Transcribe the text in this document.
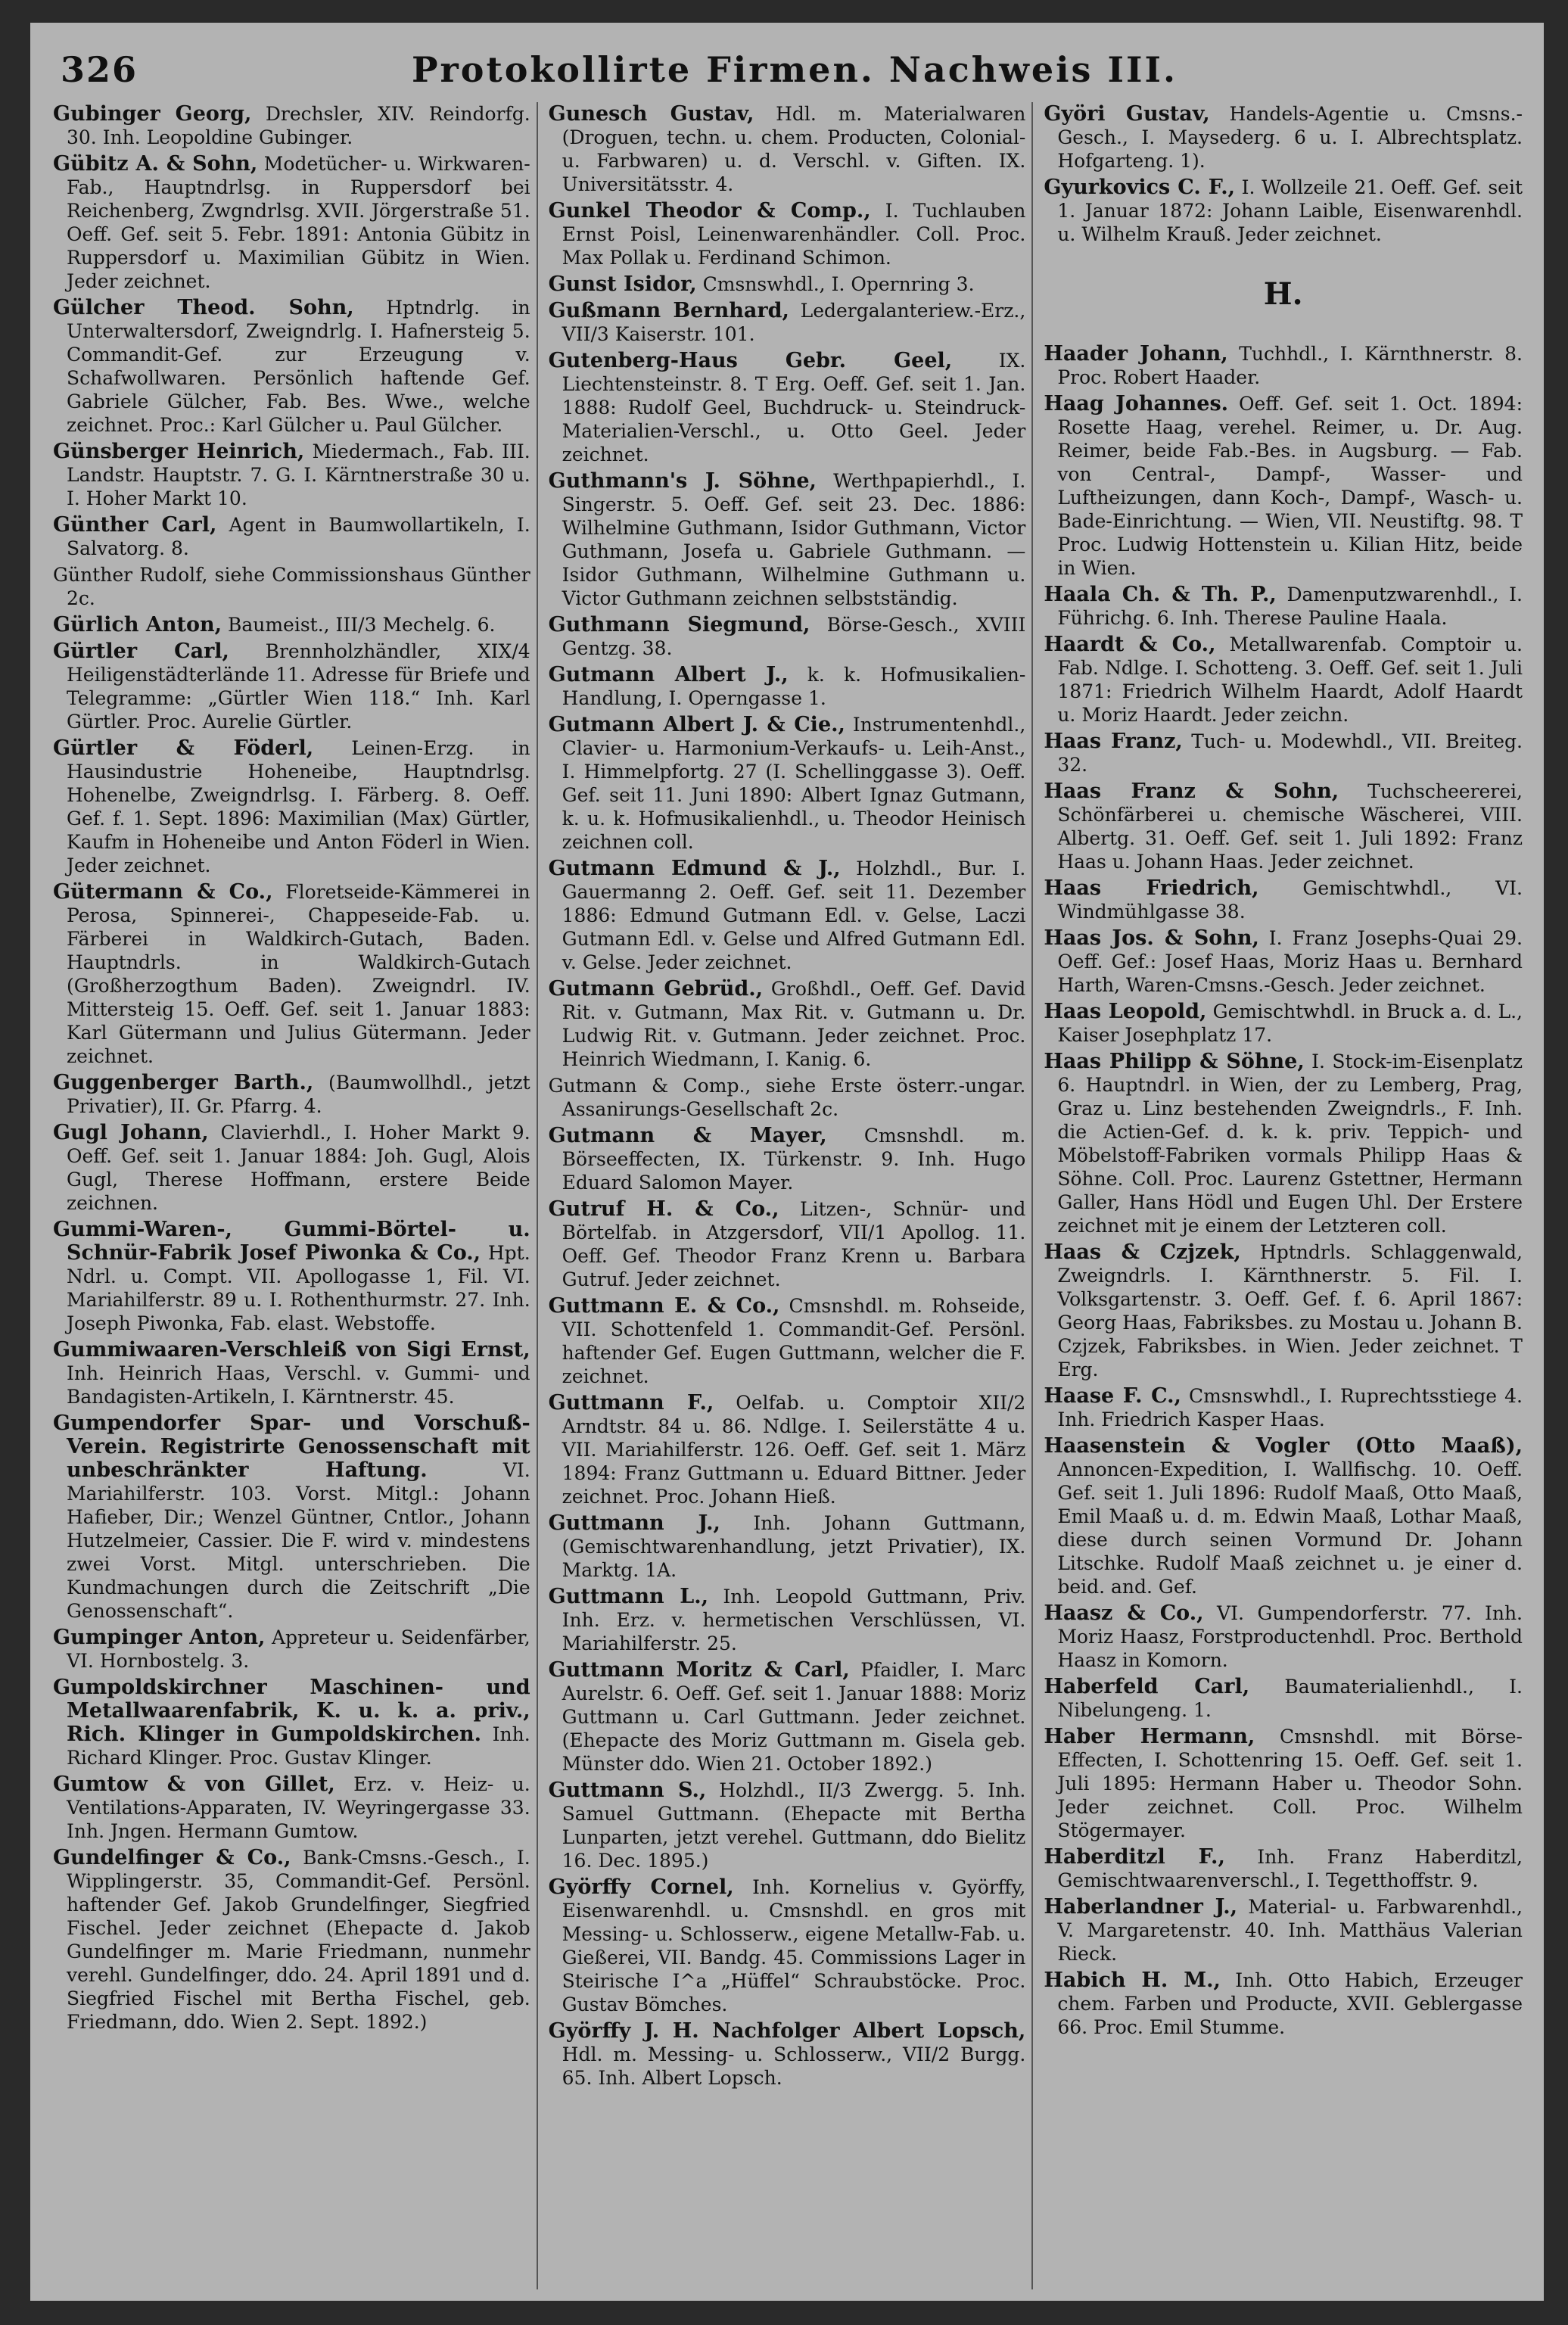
326	Protokollirte Firmen. Nachweis III.

Gubinger Georg, Drechsler, XIV. Reindorfg. 30. Inh. Leopoldine Gubinger.

Gübitz A. & Sohn, Modetücher- u. Wirkwaren-Fab., Hauptndrlsg. in Ruppersdorf bei Reichenberg, Zwgndrlsg. XVII. Jörgerstraße 51. Oeff. Gef. seit 5. Febr. 1891: Antonia Gübitz in Ruppersdorf u. Maximilian Gübitz in Wien. Jeder zeichnet.

Gülcher Theod. Sohn, Hptndrlg. in Unterwaltersdorf, Zweigndrlg. I. Hafnersteig 5. Commandit-Gef. zur Erzeugung v. Schafwollwaren. Persönlich haftende Gef. Gabriele Gülcher, Fab. Bes. Wwe., welche zeichnet. Proc.: Karl Gülcher u. Paul Gülcher.

Günsberger Heinrich, Miedermach., Fab. III. Landstr. Hauptstr. 7. G. I. Kärntnerstraße 30 u. I. Hoher Markt 10.

Günther Carl, Agent in Baumwollartikeln, I. Salvatorg. 8.

Günther Rudolf, siehe Commissionshaus Günther 2c.

Gürlich Anton, Baumeist., III/3 Mechelg. 6.

Gürtler Carl, Brennholzhändler, XIX/4 Heiligenstädterlände 11. Adresse für Briefe und Telegramme: „Gürtler Wien 118.“ Inh. Karl Gürtler. Proc. Aurelie Gürtler.

Gürtler & Föderl, Leinen-Erzg. in Hausindustrie Hoheneibe, Hauptndrlsg. Hohenelbe, Zweigndrlsg. I. Färberg. 8. Oeff. Gef. f. 1. Sept. 1896: Maximilian (Max) Gürtler, Kaufm in Hoheneibe und Anton Föderl in Wien. Jeder zeichnet.

Gütermann & Co., Floretseide-Kämmerei in Perosa, Spinnerei-, Chappeseide-Fab. u. Färberei in Waldkirch-Gutach, Baden. Hauptndrls. in Waldkirch-Gutach (Großherzogthum Baden). Zweigndrl. IV. Mittersteig 15. Oeff. Gef. seit 1. Januar 1883: Karl Gütermann und Julius Gütermann. Jeder zeichnet.

Guggenberger Barth., (Baumwollhdl., jetzt Privatier), II. Gr. Pfarrg. 4.

Gugl Johann, Clavierhdl., I. Hoher Markt 9. Oeff. Gef. seit 1. Januar 1884: Joh. Gugl, Alois Gugl, Therese Hoffmann, erstere Beide zeichnen.

Gummi-Waren-, Gummi-Börtel- u. Schnür-Fabrik Josef Piwonka & Co., Hpt. Ndrl. u. Compt. VII. Apollogasse 1, Fil. VI. Mariahilferstr. 89 u. I. Rothenthurmstr. 27. Inh. Joseph Piwonka, Fab. elast. Webstoffe.

Gummiwaaren-Verschleiß von Sigi Ernst, Inh. Heinrich Haas, Verschl. v. Gummi- und Bandagisten-Artikeln, I. Kärntnerstr. 45.

Gumpendorfer Spar- und Vorschuß-Verein. Registrirte Genossenschaft mit unbeschränkter Haftung. VI. Mariahilferstr. 103. Vorst. Mitgl.: Johann Hafieber, Dir.; Wenzel Güntner, Cntlor., Johann Hutzelmeier, Cassier. Die F. wird v. mindestens zwei Vorst. Mitgl. unterschrieben. Die Kundmachungen durch die Zeitschrift „Die Genossenschaft“.

Gumpinger Anton, Appreteur u. Seidenfärber, VI. Hornbostelg. 3.

Gumpoldskirchner Maschinen- und Metallwaarenfabrik, K. u. k. a. priv., Rich. Klinger in Gumpoldskirchen. Inh. Richard Klinger. Proc. Gustav Klinger.

Gumtow & von Gillet, Erz. v. Heiz- u. Ventilations-Apparaten, IV. Weyringergasse 33. Inh. Jngen. Hermann Gumtow.

Gundelfinger & Co., Bank-Cmsns.-Gesch., I. Wipplingerstr. 35, Commandit-Gef. Persönl. haftender Gef. Jakob Grundelfinger, Siegfried Fischel. Jeder zeichnet (Ehepacte d. Jakob Gundelfinger m. Marie Friedmann, nunmehr verehl. Gundelfinger, ddo. 24. April 1891 und d. Siegfried Fischel mit Bertha Fischel, geb. Friedmann, ddo. Wien 2. Sept. 1892.)

Gunesch Gustav, Hdl. m. Materialwaren (Droguen, techn. u. chem. Producten, Colonial- u. Farbwaren) u. d. Verschl. v. Giften. IX. Universitätsstr. 4.

Gunkel Theodor & Comp., I. Tuchlauben Ernst Poisl, Leinenwarenhändler. Coll. Proc. Max Pollak u. Ferdinand Schimon.

Gunst Isidor, Cmsnswhdl., I. Opernring 3.

Gußmann Bernhard, Ledergalanteriew.-Erz., VII/3 Kaiserstr. 101.

Gutenberg-Haus Gebr. Geel, IX. Liechtensteinstr. 8. T Erg. Oeff. Gef. seit 1. Jan. 1888: Rudolf Geel, Buchdruck- u. Steindruck-Materialien-Verschl., u. Otto Geel. Jeder zeichnet.

Guthmann's J. Söhne, Werthpapierhdl., I. Singerstr. 5. Oeff. Gef. seit 23. Dec. 1886: Wilhelmine Guthmann, Isidor Guthmann, Victor Guthmann, Josefa u. Gabriele Guthmann. — Isidor Guthmann, Wilhelmine Guthmann u. Victor Guthmann zeichnen selbstständig.

Guthmann Siegmund, Börse-Gesch., XVIII Gentzg. 38.

Gutmann Albert J., k. k. Hofmusikalien-Handlung, I. Operngasse 1.

Gutmann Albert J. & Cie., Instrumentenhdl., Clavier- u. Harmonium-Verkaufs- u. Leih-Anst., I. Himmelpfortg. 27 (I. Schellinggasse 3). Oeff. Gef. seit 11. Juni 1890: Albert Ignaz Gutmann, k. u. k. Hofmusikalienhdl., u. Theodor Heinisch zeichnen coll.

Gutmann Edmund & J., Holzhdl., Bur. I. Gauermanng 2. Oeff. Gef. seit 11. Dezember 1886: Edmund Gutmann Edl. v. Gelse, Laczi Gutmann Edl. v. Gelse und Alfred Gutmann Edl. v. Gelse. Jeder zeichnet.

Gutmann Gebrüd., Großhdl., Oeff. Gef. David Rit. v. Gutmann, Max Rit. v. Gutmann u. Dr. Ludwig Rit. v. Gutmann. Jeder zeichnet. Proc. Heinrich Wiedmann, I. Kanig. 6.

Gutmann & Comp., siehe Erste österr.-ungar. Assanirungs-Gesellschaft 2c.

Gutmann & Mayer, Cmsnshdl. m. Börseeffecten, IX. Türkenstr. 9. Inh. Hugo Eduard Salomon Mayer.

Gutruf H. & Co., Litzen-, Schnür- und Börtelfab. in Atzgersdorf, VII/1 Apollog. 11. Oeff. Gef. Theodor Franz Krenn u. Barbara Gutruf. Jeder zeichnet.

Guttmann E. & Co., Cmsnshdl. m. Rohseide, VII. Schottenfeld 1. Commandit-Gef. Persönl. haftender Gef. Eugen Guttmann, welcher die F. zeichnet.

Guttmann F., Oelfab. u. Comptoir XII/2 Arndtstr. 84 u. 86. Ndlge. I. Seilerstätte 4 u. VII. Mariahilferstr. 126. Oeff. Gef. seit 1. März 1894: Franz Guttmann u. Eduard Bittner. Jeder zeichnet. Proc. Johann Hieß.

Guttmann J., Inh. Johann Guttmann, (Gemischtwarenhandlung, jetzt Privatier), IX. Marktg. 1A.

Guttmann L., Inh. Leopold Guttmann, Priv. Inh. Erz. v. hermetischen Verschlüssen, VI. Mariahilferstr. 25.

Guttmann Moritz & Carl, Pfaidler, I. Marc Aurelstr. 6. Oeff. Gef. seit 1. Januar 1888: Moriz Guttmann u. Carl Guttmann. Jeder zeichnet. (Ehepacte des Moriz Guttmann m. Gisela geb. Münster ddo. Wien 21. October 1892.)

Guttmann S., Holzhdl., II/3 Zwergg. 5. Inh. Samuel Guttmann. (Ehepacte mit Bertha Lunparten, jetzt verehel. Guttmann, ddo Bielitz 16. Dec. 1895.)

Györffy Cornel, Inh. Kornelius v. Györffy, Eisenwarenhdl. u. Cmsnshdl. en gros mit Messing- u. Schlosserw., eigene Metallw-Fab. u. Gießerei, VII. Bandg. 45. Commissions Lager in Steirische I^a „Hüffel“ Schraubstöcke. Proc. Gustav Bömches.

Györffy J. H. Nachfolger Albert Lopsch, Hdl. m. Messing- u. Schlosserw., VII/2 Burgg. 65. Inh. Albert Lopsch.

Györi Gustav, Handels-Agentie u. Cmsns.-Gesch., I. Maysederg. 6 u. I. Albrechtsplatz. Hofgarteng. 1).

Gyurkovics C. F., I. Wollzeile 21. Oeff. Gef. seit 1. Januar 1872: Johann Laible, Eisenwarenhdl. u. Wilhelm Krauß. Jeder zeichnet.

H.

Haader Johann, Tuchhdl., I. Kärnthnerstr. 8. Proc. Robert Haader.

Haag Johannes. Oeff. Gef. seit 1. Oct. 1894: Rosette Haag, verehel. Reimer, u. Dr. Aug. Reimer, beide Fab.-Bes. in Augsburg. — Fab. von Central-, Dampf-, Wasser- und Luftheizungen, dann Koch-, Dampf-, Wasch- u. Bade-Einrichtung. — Wien, VII. Neustiftg. 98. T Proc. Ludwig Hottenstein u. Kilian Hitz, beide in Wien.

Haala Ch. & Th. P., Damenputzwarenhdl., I. Führichg. 6. Inh. Therese Pauline Haala.

Haardt & Co., Metallwarenfab. Comptoir u. Fab. Ndlge. I. Schotteng. 3. Oeff. Gef. seit 1. Juli 1871: Friedrich Wilhelm Haardt, Adolf Haardt u. Moriz Haardt. Jeder zeichn.

Haas Franz, Tuch- u. Modewhdl., VII. Breiteg. 32.

Haas Franz & Sohn, Tuchscheererei, Schönfärberei u. chemische Wäscherei, VIII. Albertg. 31. Oeff. Gef. seit 1. Juli 1892: Franz Haas u. Johann Haas. Jeder zeichnet.

Haas Friedrich, Gemischtwhdl., VI. Windmühlgasse 38.

Haas Jos. & Sohn, I. Franz Josephs-Quai 29. Oeff. Gef.: Josef Haas, Moriz Haas u. Bernhard Harth, Waren-Cmsns.-Gesch. Jeder zeichnet.

Haas Leopold, Gemischtwhdl. in Bruck a. d. L., Kaiser Josephplatz 17.

Haas Philipp & Söhne, I. Stock-im-Eisenplatz 6. Hauptndrl. in Wien, der zu Lemberg, Prag, Graz u. Linz bestehenden Zweigndrls., F. Inh. die Actien-Gef. d. k. k. priv. Teppich- und Möbelstoff-Fabriken vormals Philipp Haas & Söhne. Coll. Proc. Laurenz Gstettner, Hermann Galler, Hans Hödl und Eugen Uhl. Der Erstere zeichnet mit je einem der Letzteren coll.

Haas & Czjzek, Hptndrls. Schlaggenwald, Zweigndrls. I. Kärnthnerstr. 5. Fil. I. Volksgartenstr. 3. Oeff. Gef. f. 6. April 1867: Georg Haas, Fabriksbes. zu Mostau u. Johann B. Czjzek, Fabriksbes. in Wien. Jeder zeichnet. T Erg.

Haase F. C., Cmsnswhdl., I. Ruprechtsstiege 4. Inh. Friedrich Kasper Haas.

Haasenstein & Vogler (Otto Maaß), Annoncen-Expedition, I. Wallfischg. 10. Oeff. Gef. seit 1. Juli 1896: Rudolf Maaß, Otto Maaß, Emil Maaß u. d. m. Edwin Maaß, Lothar Maaß, diese durch seinen Vormund Dr. Johann Litschke. Rudolf Maaß zeichnet u. je einer d. beid. and. Gef.

Haasz & Co., VI. Gumpendorferstr. 77. Inh. Moriz Haasz, Forstproductenhdl. Proc. Berthold Haasz in Komorn.

Haberfeld Carl, Baumaterialienhdl., I. Nibelungeng. 1.

Haber Hermann, Cmsnshdl. mit Börse-Effecten, I. Schottenring 15. Oeff. Gef. seit 1. Juli 1895: Hermann Haber u. Theodor Sohn. Jeder zeichnet. Coll. Proc. Wilhelm Stögermayer.

Haberditzl F., Inh. Franz Haberditzl, Gemischtwaarenverschl., I. Tegetthoffstr. 9.

Haberlandner J., Material- u. Farbwarenhdl., V. Margaretenstr. 40. Inh. Matthäus Valerian Rieck.

Habich H. M., Inh. Otto Habich, Erzeuger chem. Farben und Producte, XVII. Geblergasse 66. Proc. Emil Stumme.
